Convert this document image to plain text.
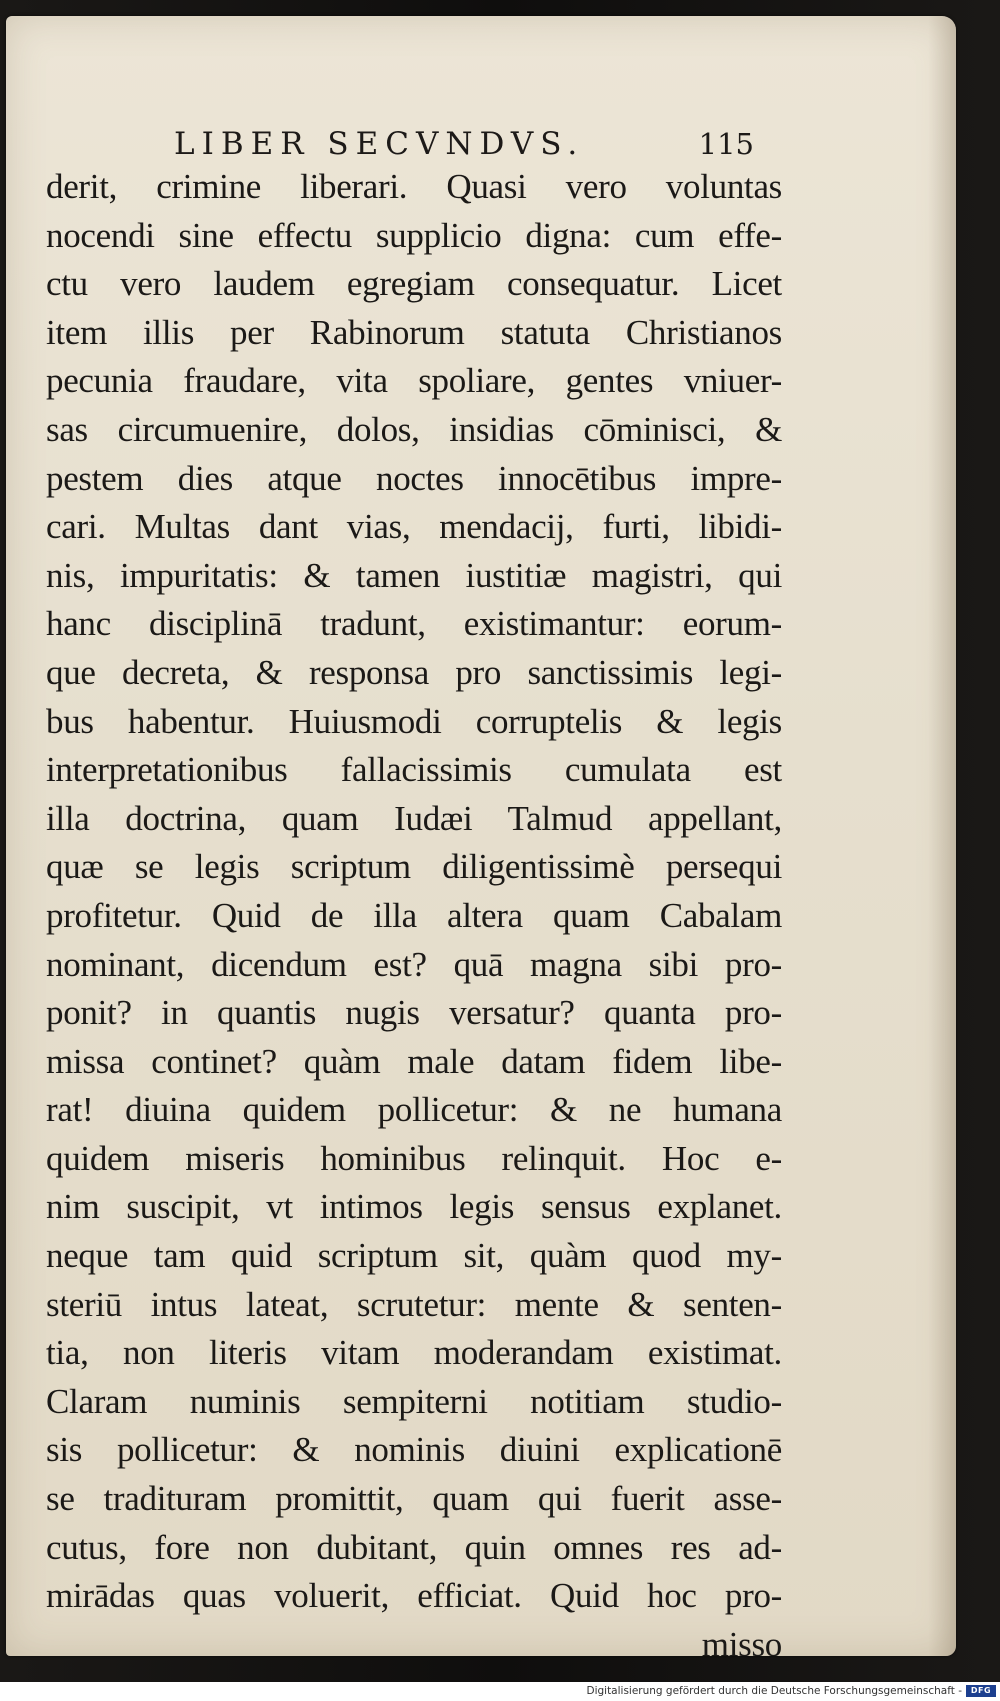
LIBER SECVNDVS.	115
derit, crimine liberari. Quasi vero voluntas
nocendi sine effectu supplicio digna: cum effe-
ctu vero laudem egregiam consequatur. Licet
item illis per Rabinorum statuta Christianos
pecunia fraudare, vita spoliare, gentes vniuer-
sas circumuenire, dolos, insidias cōminisci, &
pestem dies atque noctes innocētibus impre-
cari. Multas dant vias, mendacij, furti, libidi-
nis, impuritatis: & tamen iustitiæ magistri, qui
hanc disciplinā tradunt, existimantur: eorum-
que decreta, & responsa pro sanctissimis legi-
bus habentur. Huiusmodi corruptelis & legis
interpretationibus fallacissimis cumulata est
illa doctrina, quam Iudæi Talmud appellant,
quæ se legis scriptum diligentissimè persequi
profitetur. Quid de illa altera quam Cabalam
nominant, dicendum est? quā magna sibi pro-
ponit? in quantis nugis versatur? quanta pro-
missa continet? quàm male datam fidem libe-
rat! diuina quidem pollicetur: & ne humana
quidem miseris hominibus relinquit. Hoc e-
nim suscipit, vt intimos legis sensus explanet.
neque tam quid scriptum sit, quàm quod my-
steriū intus lateat, scrutetur: mente & senten-
tia, non literis vitam moderandam existimat.
Claram numinis sempiterni notitiam studio-
sis pollicetur: & nominis diuini explicationē
se tradituram promittit, quam qui fuerit asse-
cutus, fore non dubitant, quin omnes res ad-
mirādas quas voluerit, efficiat. Quid hoc pro-
misso
Digitalisierung gefördert durch die Deutsche Forschungsgemeinschaft -	DFG
